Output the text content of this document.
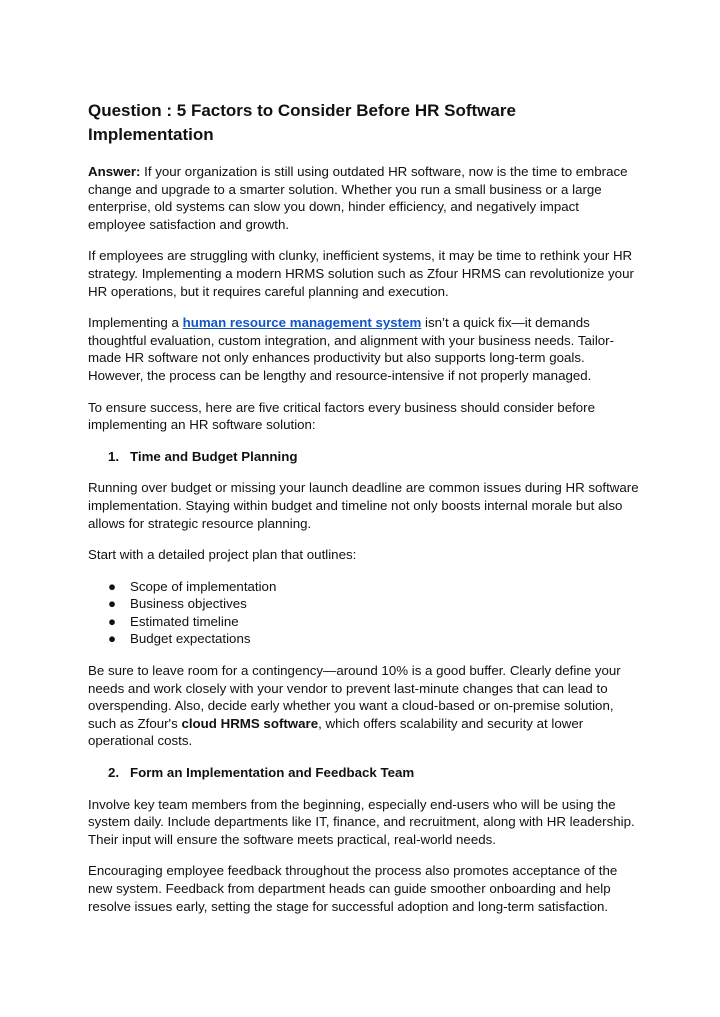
Question : 5 Factors to Consider Before HR Software Implementation

Answer: If your organization is still using outdated HR software, now is the time to embrace change and upgrade to a smarter solution. Whether you run a small business or a large enterprise, old systems can slow you down, hinder efficiency, and negatively impact employee satisfaction and growth.

If employees are struggling with clunky, inefficient systems, it may be time to rethink your HR strategy. Implementing a modern HRMS solution such as Zfour HRMS can revolutionize your HR operations, but it requires careful planning and execution.

Implementing a human resource management system isn’t a quick fix—it demands thoughtful evaluation, custom integration, and alignment with your business needs. Tailor-made HR software not only enhances productivity but also supports long-term goals. However, the process can be lengthy and resource-intensive if not properly managed.

To ensure success, here are five critical factors every business should consider before implementing an HR software solution:

1. Time and Budget Planning

Running over budget or missing your launch deadline are common issues during HR software implementation. Staying within budget and timeline not only boosts internal morale but also allows for strategic resource planning.

Start with a detailed project plan that outlines:

●	Scope of implementation
●	Business objectives
●	Estimated timeline
●	Budget expectations

Be sure to leave room for a contingency—around 10% is a good buffer. Clearly define your needs and work closely with your vendor to prevent last-minute changes that can lead to overspending. Also, decide early whether you want a cloud-based or on-premise solution, such as Zfour's cloud HRMS software, which offers scalability and security at lower operational costs.

2. Form an Implementation and Feedback Team

Involve key team members from the beginning, especially end-users who will be using the system daily. Include departments like IT, finance, and recruitment, along with HR leadership. Their input will ensure the software meets practical, real-world needs.

Encouraging employee feedback throughout the process also promotes acceptance of the new system. Feedback from department heads can guide smoother onboarding and help resolve issues early, setting the stage for successful adoption and long-term satisfaction.
